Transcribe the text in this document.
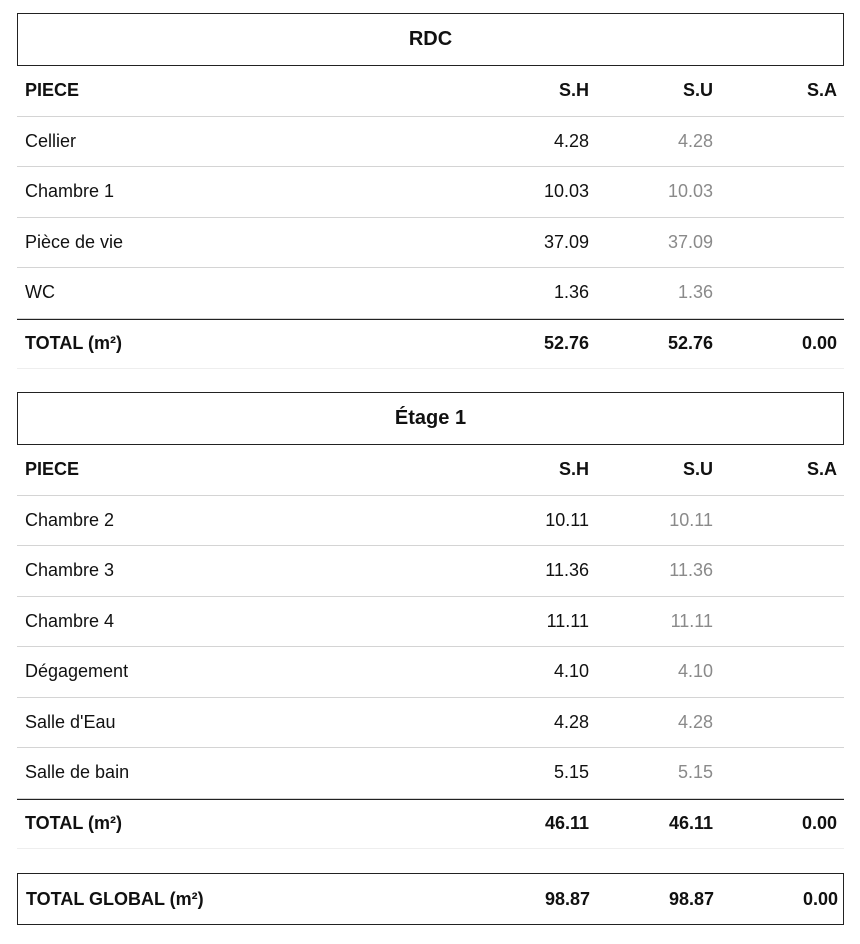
RDC
PIECE	S.H	S.U	S.A
Cellier	4.28	4.28
Chambre 1	10.03	10.03
Pièce de vie	37.09	37.09
WC	1.36	1.36
TOTAL (m²)	52.76	52.76	0.00
Étage 1
PIECE	S.H	S.U	S.A
Chambre 2	10.11	10.11
Chambre 3	11.36	11.36
Chambre 4	11.11	11.11
Dégagement	4.10	4.10
Salle d'Eau	4.28	4.28
Salle de bain	5.15	5.15
TOTAL (m²)	46.11	46.11	0.00
TOTAL GLOBAL (m²)	98.87	98.87	0.00
